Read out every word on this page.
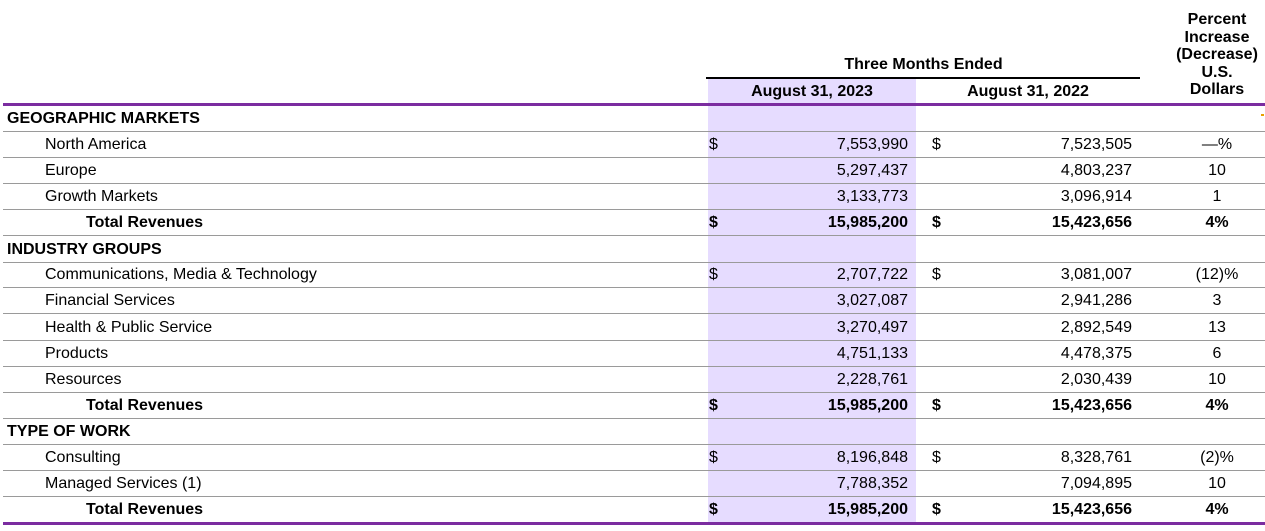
Percent
Increase
(Decrease)
U.S.
Dollars
Three Months Ended
August 31, 2023	August 31, 2022
GEOGRAPHIC MARKETS
North America	$	7,553,990 $	7,523,505	—%
Europe	5,297,437	4,803,237	10
Growth Markets	3,133,773	3,096,914	1
Total Revenues	$	15,985,200 $	15,423,656	4%
INDUSTRY GROUPS
Communications, Media & Technology	$	2,707,722 $	3,081,007	(12)%
Financial Services	3,027,087	2,941,286	3
Health & Public Service	3,270,497	2,892,549	13
Products	4,751,133	4,478,375	6
Resources	2,228,761	2,030,439	10
Total Revenues	$	15,985,200 $	15,423,656	4%
TYPE OF WORK
Consulting	$	8,196,848 $	8,328,761	(2)%
Managed Services (1)	7,788,352	7,094,895	10
Total Revenues	$	15,985,200 $	15,423,656	4%
